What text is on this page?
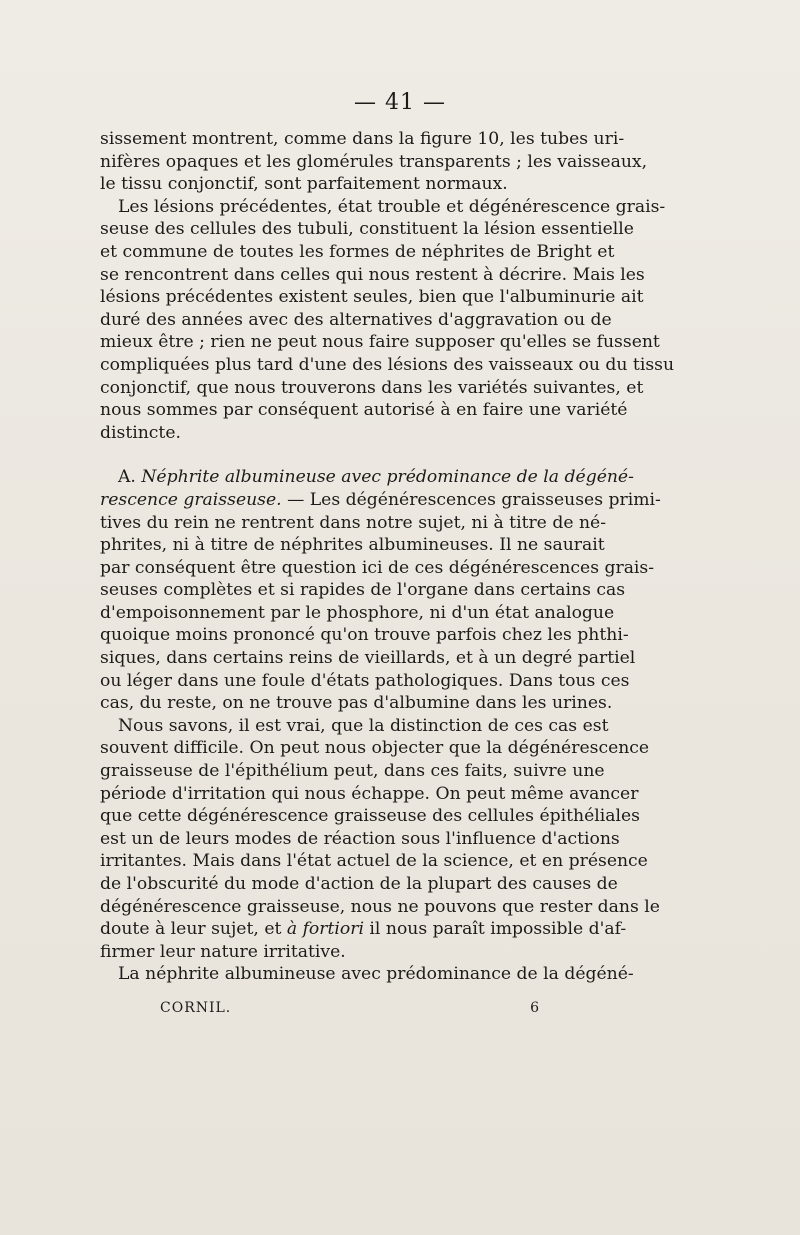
— 41 —
sissement montrent, comme dans la figure 10, les tubes uri-
nifères opaques et les glomérules transparents ; les vaisseaux,
le tissu conjonctif, sont parfaitement normaux.
Les lésions précédentes, état trouble et dégénérescence grais-
seuse des cellules des tubuli, constituent la lésion essentielle
et commune de toutes les formes de néphrites de Bright et
se rencontrent dans celles qui nous restent à décrire. Mais les
lésions précédentes existent seules, bien que l'albuminurie ait
duré des années avec des alternatives d'aggravation ou de
mieux être ; rien ne peut nous faire supposer qu'elles se fussent
compliquées plus tard d'une des lésions des vaisseaux ou du tissu
conjonctif, que nous trouverons dans les variétés suivantes, et
nous sommes par conséquent autorisé à en faire une variété
distincte.
A. Néphrite albumineuse avec prédominance de la dégéné-
rescence graisseuse. — Les dégénérescences graisseuses primi-
tives du rein ne rentrent dans notre sujet, ni à titre de né-
phrites, ni à titre de néphrites albumineuses. Il ne saurait
par conséquent être question ici de ces dégénérescences grais-
seuses complètes et si rapides de l'organe dans certains cas
d'empoisonnement par le phosphore, ni d'un état analogue
quoique moins prononcé qu'on trouve parfois chez les phthi-
siques, dans certains reins de vieillards, et à un degré partiel
ou léger dans une foule d'états pathologiques. Dans tous ces
cas, du reste, on ne trouve pas d'albumine dans les urines.
Nous savons, il est vrai, que la distinction de ces cas est
souvent difficile. On peut nous objecter que la dégénérescence
graisseuse de l'épithélium peut, dans ces faits, suivre une
période d'irritation qui nous échappe. On peut même avancer
que cette dégénérescence graisseuse des cellules épithéliales
est un de leurs modes de réaction sous l'influence d'actions
irritantes. Mais dans l'état actuel de la science, et en présence
de l'obscurité du mode d'action de la plupart des causes de
dégénérescence graisseuse, nous ne pouvons que rester dans le
doute à leur sujet, et à fortiori il nous paraît impossible d'af-
firmer leur nature irritative.
La néphrite albumineuse avec prédominance de la dégéné-
CORNIL.	6
